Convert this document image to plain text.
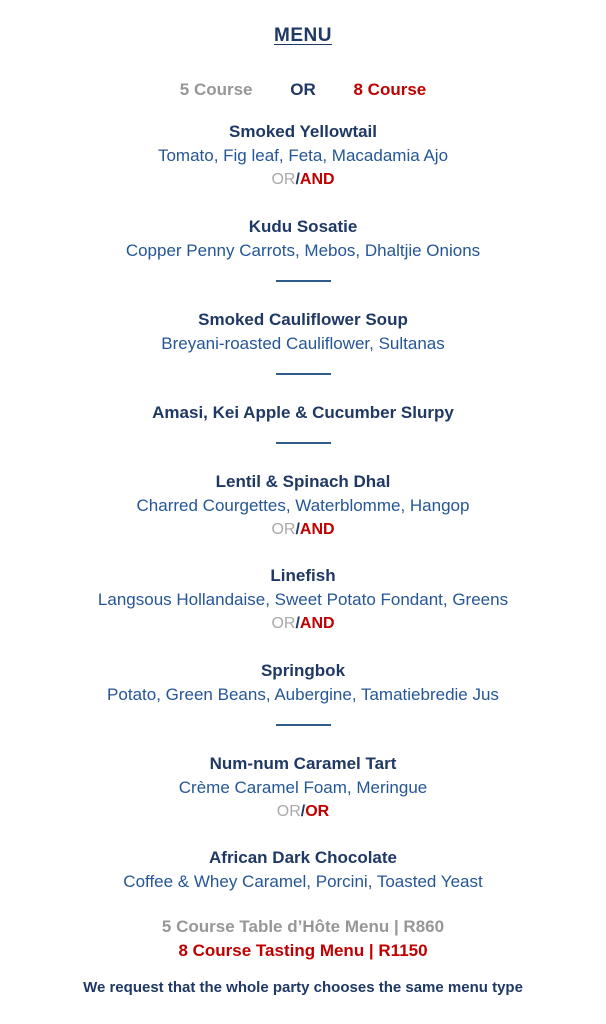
MENU
5 Course OR 8 Course
Smoked Yellowtail
Tomato, Fig leaf, Feta, Macadamia Ajo
OR/AND
Kudu Sosatie
Copper Penny Carrots, Mebos, Dhaltjie Onions
Smoked Cauliflower Soup
Breyani-roasted Cauliflower, Sultanas
Amasi, Kei Apple & Cucumber Slurpy
Lentil & Spinach Dhal
Charred Courgettes, Waterblomme, Hangop
OR/AND
Linefish
Langsous Hollandaise, Sweet Potato Fondant, Greens
OR/AND
Springbok
Potato, Green Beans, Aubergine, Tamatiebredie Jus
Num-num Caramel Tart
Crème Caramel Foam, Meringue
OR/OR
African Dark Chocolate
Coffee & Whey Caramel, Porcini, Toasted Yeast
5 Course Table d’Hôte Menu | R860
8 Course Tasting Menu | R1150
We request that the whole party chooses the same menu type
